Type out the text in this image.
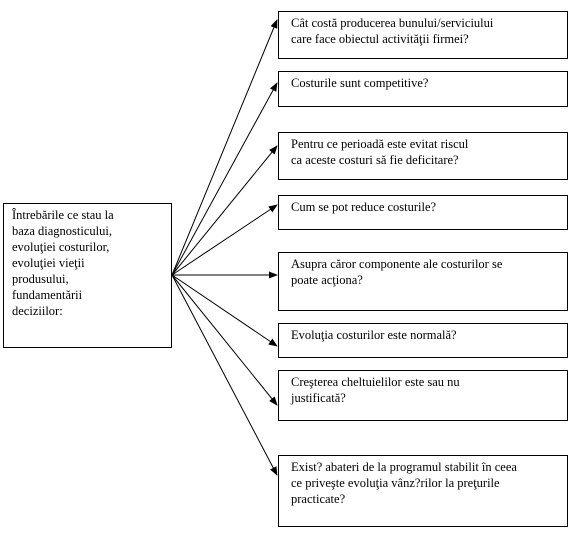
Întrebările ce stau la
baza diagnosticului,
evoluţiei costurilor,
evoluţiei vieţii
produsului,
fundamentării
deciziilor:
Cât costă producerea bunului/serviciului
care face obiectul activităţii firmei?
Costurile sunt competitive?
Pentru ce perioadă este evitat riscul
ca aceste costuri să fie deficitare?
Cum se pot reduce costurile?
Asupra căror componente ale costurilor se
poate acţiona?
Evoluţia costurilor este normală?
Creşterea cheltuielilor este sau nu
justificată?
Exist? abateri de la programul stabilit în ceea
ce priveşte evoluţia vânz?rilor la preţurile
practicate?
